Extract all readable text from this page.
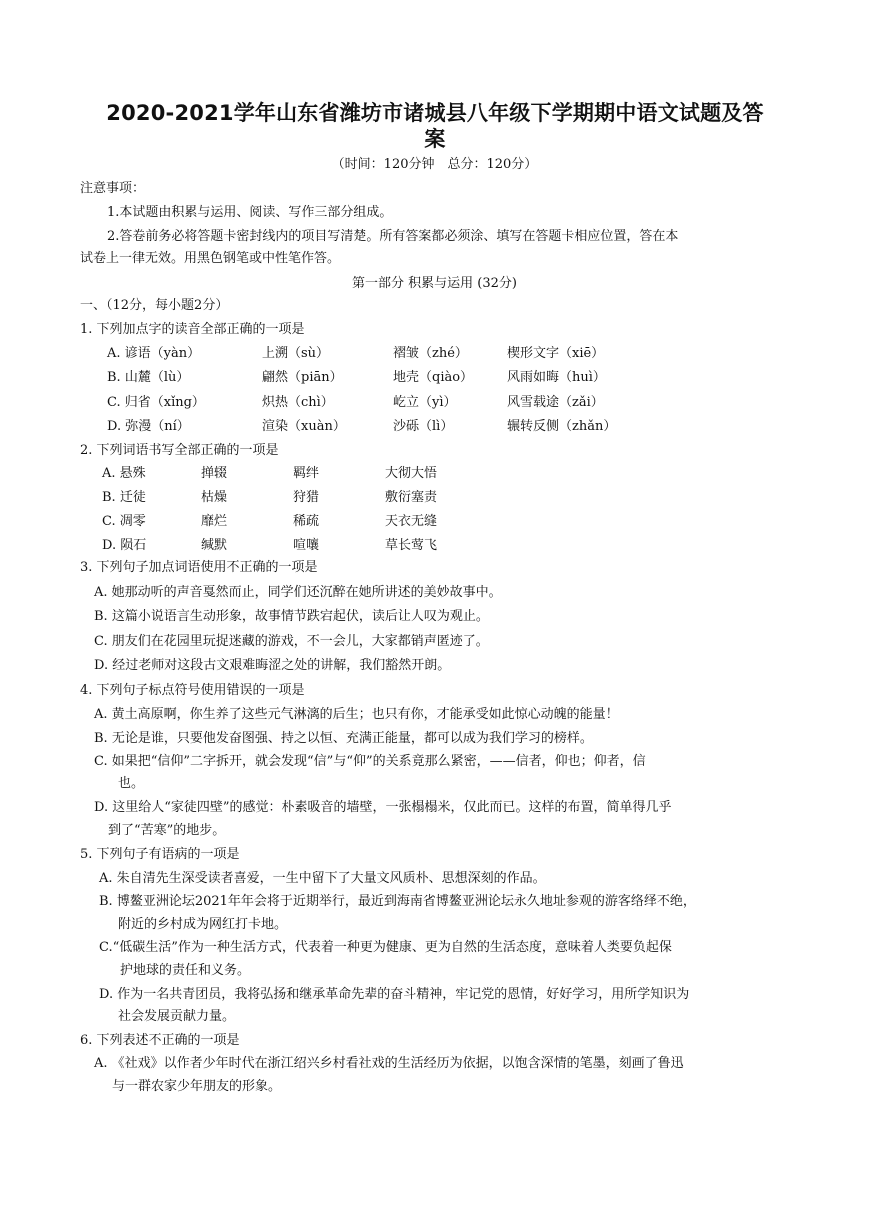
2020-2021学年山东省潍坊市诸城县八年级下学期期中语文试题及答
案
（时间：120分钟　总分：120分）
注意事项：
1.本试题由积累与运用、阅读、写作三部分组成。
2.答卷前务必将答题卡密封线内的项目写清楚。所有答案都必须涂、填写在答题卡相应位置，答在本
试卷上一律无效。用黑色钢笔或中性笔作答。
第一部分 积累与运用 (32分)
一、（12分，每小题2分）
1. 下列加点字的读音全部正确的一项是
A. 谚语（yàn）	上溯（sù）	褶皱（zhé）	楔形文字（xiē）
B. 山麓（lù）	翩然（piān）	地壳（qiào）	风雨如晦（huì）
C. 归省（xǐng）	炽热（chì）	屹立（yì）	风雪载途（zǎi）
D. 弥漫（ní）	渲染（xuàn）	沙砾（lì）	辗转反侧（zhǎn）
2. 下列词语书写全部正确的一项是
A. 悬殊	掸辍	羁绊	大彻大悟
B. 迁徒	枯燥	狩猎	敷衍塞责
C. 凋零	靡烂	稀疏	天衣无缝
D. 陨石	缄默	喧嚷	草长莺飞
3. 下列句子加点词语使用不正确的一项是
A. 她那动听的声音戛然而止，同学们还沉醉在她所讲述的美妙故事中。
B. 这篇小说语言生动形象，故事情节跌宕起伏，读后让人叹为观止。
C. 朋友们在花园里玩捉迷藏的游戏，不一会儿，大家都销声匿迹了。
D. 经过老师对这段古文艰难晦涩之处的讲解，我们豁然开朗。
4. 下列句子标点符号使用错误的一项是
A. 黄土高原啊，你生养了这些元气淋漓的后生；也只有你，才能承受如此惊心动魄的能量！
B. 无论是谁，只要他发奋图强、持之以恒、充满正能量，都可以成为我们学习的榜样。
C. 如果把“信仰”二字拆开，就会发现“信”与“仰”的关系竟那么紧密，——信者，仰也；仰者，信
也。
D. 这里给人“家徒四壁”的感觉：朴素吸音的墙壁，一张榻榻米，仅此而已。这样的布置，简单得几乎
到了“苦寒”的地步。
5. 下列句子有语病的一项是
A. 朱自清先生深受读者喜爱，一生中留下了大量文风质朴、思想深刻的作品。
B. 博鳌亚洲论坛2021年年会将于近期举行，最近到海南省博鳌亚洲论坛永久地址参观的游客络绎不绝，
附近的乡村成为网红打卡地。
C.“低碳生活”作为一种生活方式，代表着一种更为健康、更为自然的生活态度，意味着人类要负起保
护地球的责任和义务。
D. 作为一名共青团员，我将弘扬和继承革命先辈的奋斗精神，牢记党的恩情，好好学习，用所学知识为
社会发展贡献力量。
6. 下列表述不正确的一项是
A. 《社戏》以作者少年时代在浙江绍兴乡村看社戏的生活经历为依据，以饱含深情的笔墨，刻画了鲁迅
与一群农家少年朋友的形象。
